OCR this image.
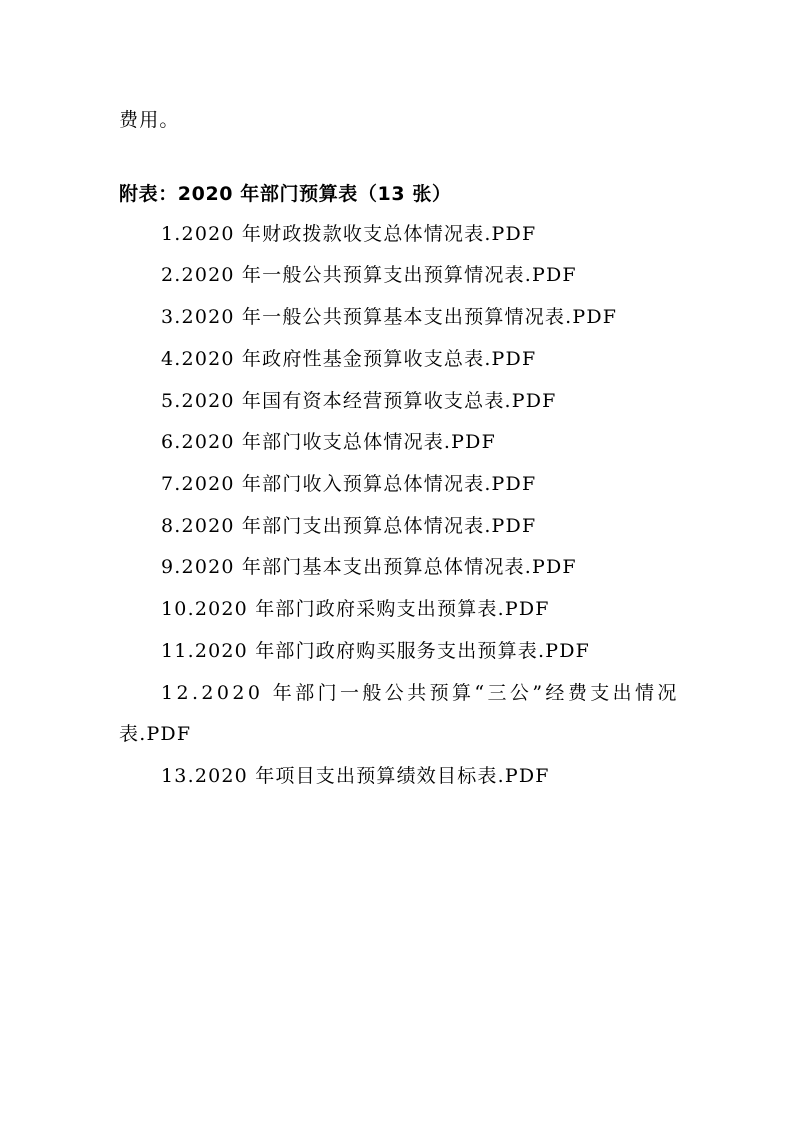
费用。
附表：2020 年部门预算表（13 张）
1.2020 年财政拨款收支总体情况表.PDF
2.2020 年一般公共预算支出预算情况表.PDF
3.2020 年一般公共预算基本支出预算情况表.PDF
4.2020 年政府性基金预算收支总表.PDF
5.2020 年国有资本经营预算收支总表.PDF
6.2020 年部门收支总体情况表.PDF
7.2020 年部门收入预算总体情况表.PDF
8.2020 年部门支出预算总体情况表.PDF
9.2020 年部门基本支出预算总体情况表.PDF
10.2020 年部门政府采购支出预算表.PDF
11.2020 年部门政府购买服务支出预算表.PDF
12.2020 年部门一般公共预算“三公”经费支出情况
表.PDF
13.2020 年项目支出预算绩效目标表.PDF
